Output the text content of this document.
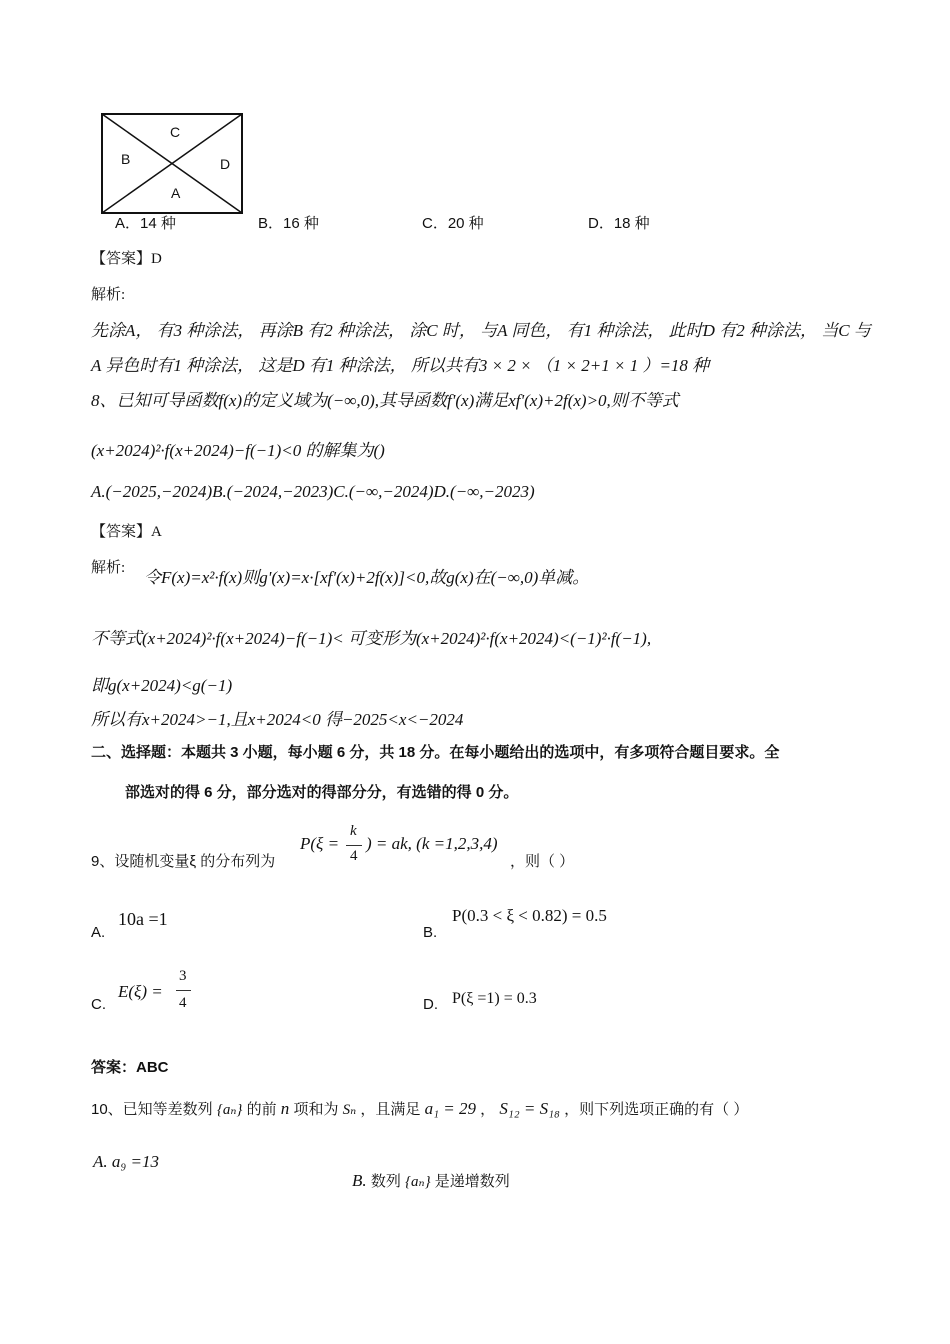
C
B	D
A
A．14 种	B．16 种	C．20 种	D．18 种
【答案】D
解析:
先涂A， 有3 种涂法， 再涂B 有2 种涂法， 涂C 时， 与A 同色， 有1 种涂法， 此时D 有2 种涂法， 当C 与
A 异色时有1 种涂法， 这是D 有1 种涂法， 所以共有3 × 2 × （1 × 2+1 × 1 ）=18 种
8、已知可导函数f(x)的定义域为(−∞,0),其导函数f'(x)满足xf'(x)+2f(x)>0,则不等式
(x+2024)²·f(x+2024)−f(−1)<0 的解集为()
A.(−2025,−2024)B.(−2024,−2023)C.(−∞,−2024)D.(−∞,−2023)
【答案】A
解析: 令F(x)=x²·f(x)则g'(x)=x·[xf'(x)+2f(x)]<0,故g(x)在(−∞,0)单减。
不等式(x+2024)²·f(x+2024)−f(−1)< 可变形为(x+2024)²·f(x+2024)<(−1)²·f(−1),
即g(x+2024)<g(−1)
所以有x+2024>−1,且x+2024<0 得−2025<x<−2024
二、选择题：本题共 3 小题，每小题 6 分，共 18 分。在每小题给出的选项中，有多项符合题目要求。全
部选对的得 6 分，部分选对的得部分分，有选错的得 0 分。
9、设随机变量ξ 的分布列为
P(ξ =
k
4
) = ak, (k =1,2,3,4)
，则（ ）
A.
10a =1
B.
P(0.3 < ξ < 0.82) = 0.5
C.
E(ξ) =
3
4	D. P(ξ =1) = 0.3
答案：ABC
10、已知等差数列 {aₙ} 的前 n 项和为 Sₙ ，且满足 a₁ = 29 ， S₁₂ = S₁₈ ，则下列选项正确的有（ ）
A. a₉ =13
B. 数列 {aₙ} 是递增数列
